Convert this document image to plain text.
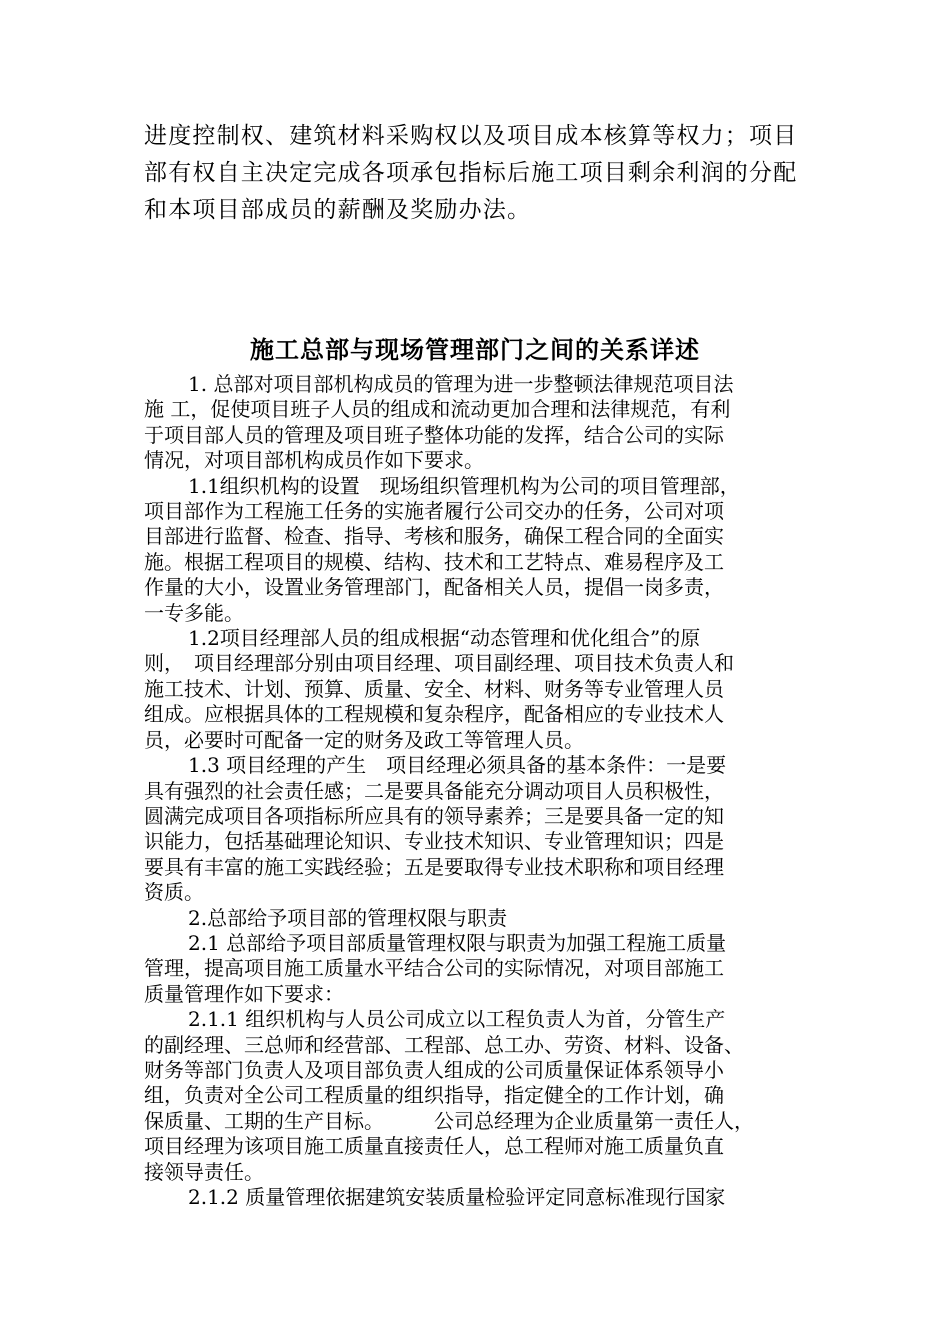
进度控制权、建筑材料采购权以及项目成本核算等权力；项目

部有权自主决定完成各项承包指标后施工项目剩余利润的分配

和本项目部成员的薪酬及奖励办法。

施工总部与现场管理部门之间的关系详述
1. 总部对项目部机构成员的管理为进一步整顿法律规范项目法
施 工，促使项目班子人员的组成和流动更加合理和法律规范，有利
于项目部人员的管理及项目班子整体功能的发挥，结合公司的实际
情况，对项目部机构成员作如下要求。
1.1组织机构的设置　现场组织管理机构为公司的项目管理部，
项目部作为工程施工任务的实施者履行公司交办的任务，公司对项
目部进行监督、检查、指导、考核和服务，确保工程合同的全面实
施。根据工程项目的规模、结构、技术和工艺特点、难易程序及工
作量的大小，设置业务管理部门，配备相关人员，提倡一岗多责，
一专多能。
1.2项目经理部人员的组成根据“动态管理和优化组合”的原
则，　项目经理部分别由项目经理、项目副经理、项目技术负责人和
施工技术、计划、预算、质量、安全、材料、财务等专业管理人员
组成。应根据具体的工程规模和复杂程序，配备相应的专业技术人
员，必要时可配备一定的财务及政工等管理人员。
1.3 项目经理的产生　项目经理必须具备的基本条件：一是要
具有强烈的社会责任感；二是要具备能充分调动项目人员积极性，
圆满完成项目各项指标所应具有的领导素养；三是要具备一定的知
识能力，包括基础理论知识、专业技术知识、专业管理知识；四是
要具有丰富的施工实践经验；五是要取得专业技术职称和项目经理
资质。
2.总部给予项目部的管理权限与职责
2.1 总部给予项目部质量管理权限与职责为加强工程施工质量
管理，提高项目施工质量水平结合公司的实际情况，对项目部施工
质量管理作如下要求：
2.1.1 组织机构与人员公司成立以工程负责人为首，分管生产
的副经理、三总师和经营部、工程部、总工办、劳资、材料、设备、
财务等部门负责人及项目部负责人组成的公司质量保证体系领导小
组，负责对全公司工程质量的组织指导，指定健全的工作计划，确
保质量、工期的生产目标。　　　公司总经理为企业质量第一责任人，
项目经理为该项目施工质量直接责任人，总工程师对施工质量负直
接领导责任。
2.1.2 质量管理依据建筑安装质量检验评定同意标准现行国家
